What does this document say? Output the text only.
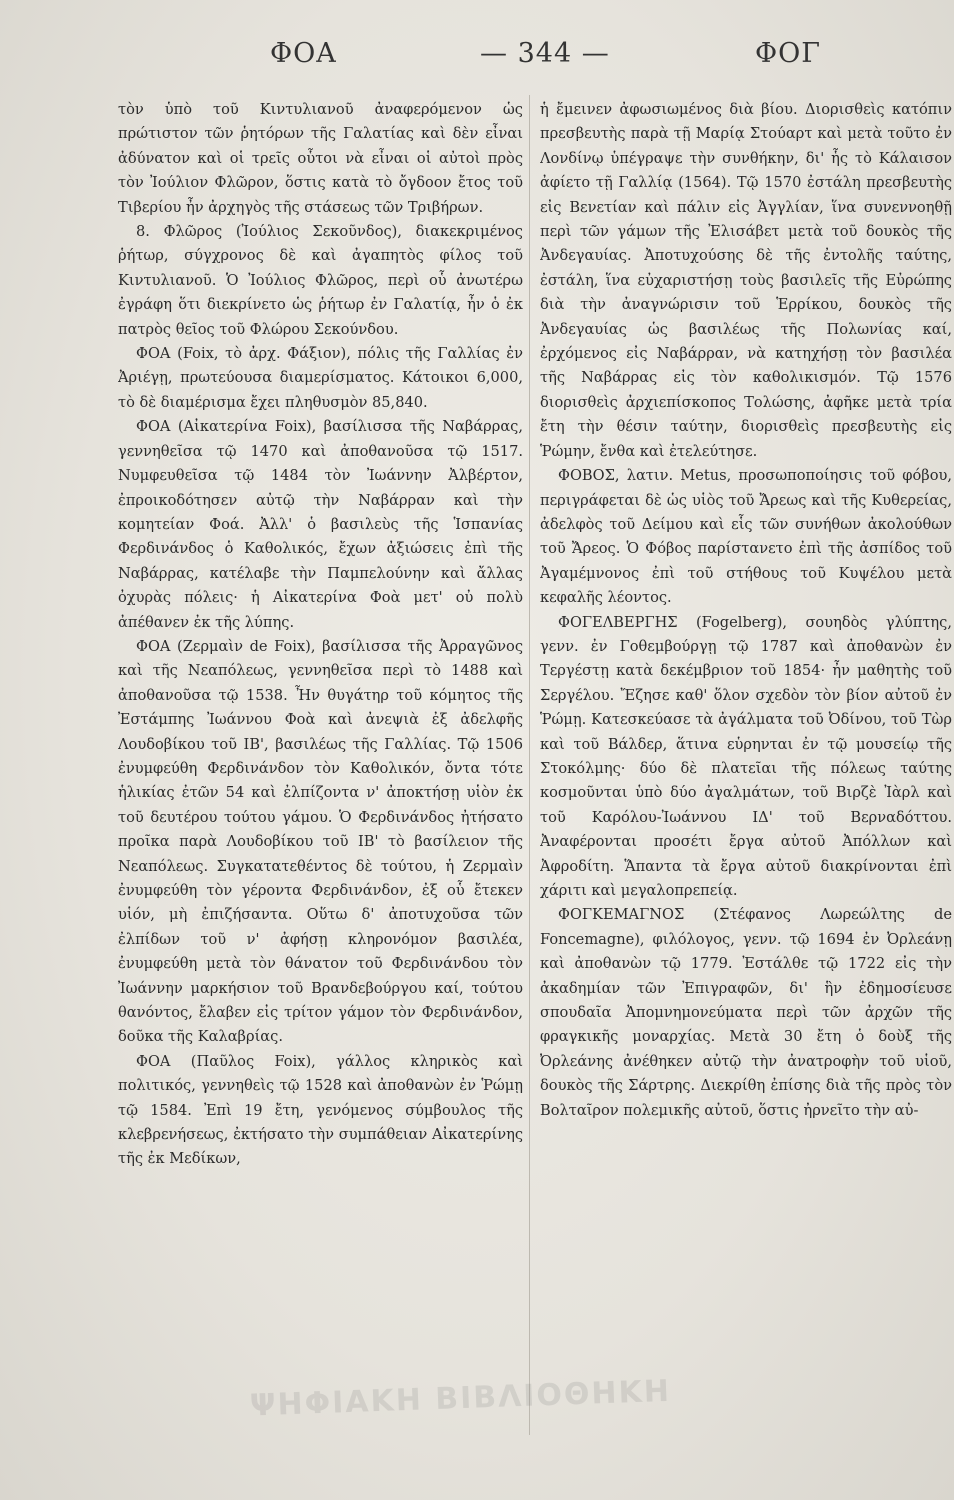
ΦΟΑ	— 344 —	ΦΟΓ

τὸν ὑπὸ τοῦ Κιντυλιανοῦ ἀναφερόμενον ὡς πρώτιστον τῶν ῥητόρων τῆς Γαλατίας καὶ δὲν εἶναι ἀδύνατον καὶ οἱ τρεῖς οὗτοι νὰ εἶναι οἱ αὐτοὶ πρὸς τὸν Ἰούλιον Φλῶρον, ὅστις κατὰ τὸ ὄγδοον ἔτος τοῦ Τιβερίου ἦν ἀρχηγὸς τῆς στάσεως τῶν Τριβήρων.

8. Φλῶρος (Ἰούλιος Σεκοῦνδος), διακεκριμένος ῥήτωρ, σύγχρονος δὲ καὶ ἀγαπητὸς φίλος τοῦ Κιντυλιανοῦ. Ὁ Ἰούλιος Φλῶρος, περὶ οὗ ἀνωτέρω ἐγράφη ὅτι διεκρίνετο ὡς ῥήτωρ ἐν Γαλατίᾳ, ἦν ὁ ἐκ πατρὸς θεῖος τοῦ Φλώρου Σεκούνδου.

ΦΟΑ (Foix, τὸ ἀρχ. Φάξιον), πόλις τῆς Γαλλίας ἐν Ἀριέγῃ, πρωτεύουσα διαμερίσματος. Κάτοικοι 6,000, τὸ δὲ διαμέρισμα ἔχει πληθυσμὸν 85,840.

ΦΟΑ (Αἰκατερίνα Foix), βασίλισσα τῆς Ναβάρρας, γεννηθεῖσα τῷ 1470 καὶ ἀποθανοῦσα τῷ 1517. Νυμφευθεῖσα τῷ 1484 τὸν Ἰωάννην Ἀλβέρτον, ἐπροικοδότησεν αὐτῷ τὴν Ναβάρραν καὶ τὴν κομητείαν Φοά. Ἀλλ' ὁ βασιλεὺς τῆς Ἱσπανίας Φερδινάνδος ὁ Καθολικός, ἔχων ἀξιώσεις ἐπὶ τῆς Ναβάρρας, κατέλαβε τὴν Παμπελούνην καὶ ἄλλας ὀχυρὰς πόλεις· ἡ Αἰκατερίνα Φοὰ μετ' οὐ πολὺ ἀπέθανεν ἐκ τῆς λύπης.

ΦΟΑ (Ζερμαὶν de Foix), βασίλισσα τῆς Ἀρραγῶνος καὶ τῆς Νεαπόλεως, γεννηθεῖσα περὶ τὸ 1488 καὶ ἀποθανοῦσα τῷ 1538. Ἦν θυγάτηρ τοῦ κόμητος τῆς Ἐστάμπης Ἰωάννου Φοὰ καὶ ἀνεψιὰ ἐξ ἀδελφῆς Λουδοβίκου τοῦ ΙΒ', βασιλέως τῆς Γαλλίας. Τῷ 1506 ἐνυμφεύθη Φερδινάνδον τὸν Καθολικόν, ὄντα τότε ἡλικίας ἐτῶν 54 καὶ ἐλπίζοντα ν' ἀποκτήσῃ υἱὸν ἐκ τοῦ δευτέρου τούτου γάμου. Ὁ Φερδινάνδος ἠτήσατο προῖκα παρὰ Λουδοβίκου τοῦ ΙΒ' τὸ βασίλειον τῆς Νεαπόλεως. Συγκατατεθέντος δὲ τούτου, ἡ Ζερμαὶν ἐνυμφεύθη τὸν γέροντα Φερδινάνδον, ἐξ οὗ ἔτεκεν υἱόν, μὴ ἐπιζήσαντα. Οὕτω δ' ἀποτυχοῦσα τῶν ἐλπίδων τοῦ ν' ἀφήσῃ κληρονόμον βασιλέα, ἐνυμφεύθη μετὰ τὸν θάνατον τοῦ Φερδινάνδου τὸν Ἰωάννην μαρκήσιον τοῦ Βρανδεβούργου καί, τούτου θανόντος, ἔλαβεν εἰς τρίτον γάμον τὸν Φερδινάνδον, δοῦκα τῆς Καλαβρίας.

ΦΟΑ (Παῦλος Foix), γάλλος κληρικὸς καὶ πολιτικός, γεννηθεὶς τῷ 1528 καὶ ἀποθανὼν ἐν Ῥώμῃ τῷ 1584. Ἐπὶ 19 ἔτη, γενόμενος σύμβουλος τῆς κλεβρενήσεως, ἐκτήσατο τὴν συμπάθειαν Αἰκατερίνης τῆς ἐκ Μεδίκων,

ἡ ἔμεινεν ἀφωσιωμένος διὰ βίου. Διορισθεὶς κατόπιν πρεσβευτὴς παρὰ τῇ Μαρίᾳ Στούαρτ καὶ μετὰ τοῦτο ἐν Λονδίνῳ ὑπέγραψε τὴν συνθήκην, δι' ἧς τὸ Κάλαισον ἀφίετο τῇ Γαλλίᾳ (1564). Τῷ 1570 ἐστάλη πρεσβευτὴς εἰς Βενετίαν καὶ πάλιν εἰς Ἀγγλίαν, ἵνα συνεννοηθῇ περὶ τῶν γάμων τῆς Ἐλισάβετ μετὰ τοῦ δουκὸς τῆς Ἀνδεγαυίας. Ἀποτυχούσης δὲ τῆς ἐντολῆς ταύτης, ἐστάλη, ἵνα εὐχαριστήσῃ τοὺς βασιλεῖς τῆς Εὐρώπης διὰ τὴν ἀναγνώρισιν τοῦ Ἑρρίκου, δουκὸς τῆς Ἀνδεγαυίας ὡς βασιλέως τῆς Πολωνίας καί, ἐρχόμενος εἰς Ναβάρραν, νὰ κατηχήσῃ τὸν βασιλέα τῆς Ναβάρρας εἰς τὸν καθολικισμόν. Τῷ 1576 διορισθεὶς ἀρχιεπίσκοπος Τολώσης, ἀφῆκε μετὰ τρία ἔτη τὴν θέσιν ταύτην, διορισθεὶς πρεσβευτὴς εἰς Ῥώμην, ἔνθα καὶ ἐτελεύτησε.

ΦΟΒΟΣ, λατιν. Metus, προσωποποίησις τοῦ φόβου, περιγράφεται δὲ ὡς υἱὸς τοῦ Ἄρεως καὶ τῆς Κυθερείας, ἀδελφὸς τοῦ Δείμου καὶ εἷς τῶν συνήθων ἀκολούθων τοῦ Ἄρεος. Ὁ Φόβος παρίστανετο ἐπὶ τῆς ἀσπίδος τοῦ Ἀγαμέμνονος ἐπὶ τοῦ στήθους τοῦ Κυψέλου μετὰ κεφαλῆς λέοντος.

ΦΟΓΕΛΒΕΡΓΗΣ (Fogelberg), σουηδὸς γλύπτης, γενν. ἐν Γοθεμβούργῃ τῷ 1787 καὶ ἀποθανὼν ἐν Τεργέστῃ κατὰ δεκέμβριον τοῦ 1854· ἦν μαθητὴς τοῦ Σεργέλου. Ἔζησε καθ' ὅλον σχεδὸν τὸν βίον αὐτοῦ ἐν Ῥώμῃ. Κατεσκεύασε τὰ ἀγάλματα τοῦ Ὀδίνου, τοῦ Τὼρ καὶ τοῦ Βάλδερ, ἅτινα εὑρηνται ἐν τῷ μουσείῳ τῆς Στοκόλμης· δύο δὲ πλατεῖαι τῆς πόλεως ταύτης κοσμοῦνται ὑπὸ δύο ἀγαλμάτων, τοῦ Βιρζὲ Ἰὰρλ καὶ τοῦ Καρόλου-Ἰωάννου ΙΔ' τοῦ Βερναδόττου. Ἀναφέρονται προσέτι ἔργα αὐτοῦ Ἀπόλλων καὶ Ἀφροδίτη. Ἅπαντα τὰ ἔργα αὐτοῦ διακρίνονται ἐπὶ χάριτι καὶ μεγαλοπρεπείᾳ.

ΦΟΓΚΕΜΑΓΝΟΣ (Στέφανος Λωρεώλτης de Foncemagne), φιλόλογος, γενν. τῷ 1694 ἐν Ὀρλεάνῃ καὶ ἀποθανὼν τῷ 1779. Ἐστάλθε τῷ 1722 εἰς τὴν ἀκαδημίαν τῶν Ἐπιγραφῶν, δι' ἣν ἐδημοσίευσε σπουδαῖα Ἀπομνημονεύματα περὶ τῶν ἀρχῶν τῆς φραγκικῆς μοναρχίας. Μετὰ 30 ἔτη ὁ δοὺξ τῆς Ὀρλεάνης ἀνέθηκεν αὐτῷ τὴν ἀνατροφὴν τοῦ υἱοῦ, δουκὸς τῆς Σάρτρης. Διεκρίθη ἐπίσης διὰ τῆς πρὸς τὸν Βολταῖρον πολεμικῆς αὐτοῦ, ὅστις ἠρνεῖτο τὴν αὐ-

ΨΗΦΙΑΚΗ ΒΙΒΛΙΟΘΗΚΗ
